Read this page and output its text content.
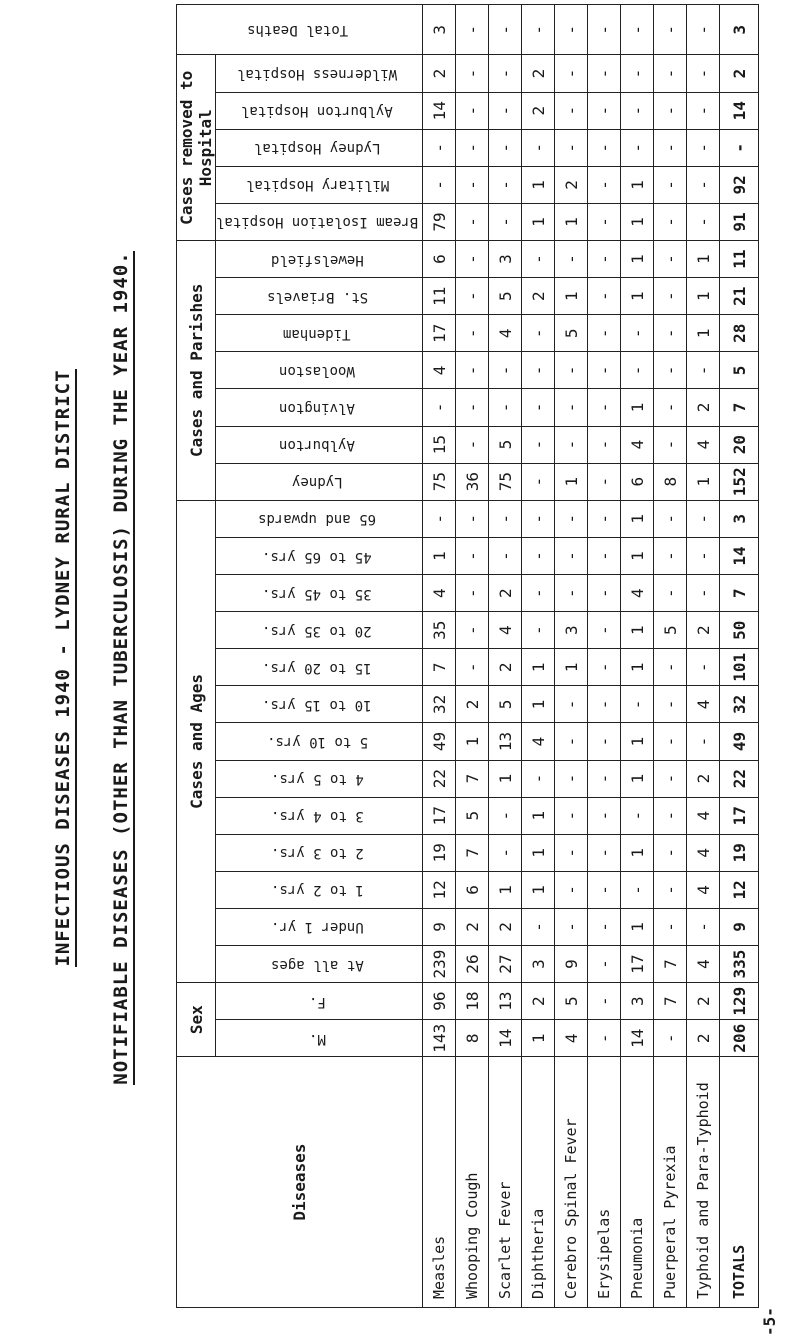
INFECTIOUS DISEASES 1940 - LYDNEY RURAL DISTRICT NOTIFIABLE DISEASES (OTHER THAN TUBERCULOSIS) DURING THE YEAR 1940.
Diseases	Sex		Cases and Ages													Cases and Parishes							Cases removed to Hospital					Total Deaths
	M.	F.	At all ages	Under 1 yr.	1 to 2 yrs.	2 to 3 yrs.	3 to 4 yrs.	4 to 5 yrs.	5 to 10 yrs.	10 to 15 yrs.	15 to 20 yrs.	20 to 35 yrs.	35 to 45 yrs.	45 to 65 yrs.	65 and upwards	Lydney	Aylburton	Alvington	Woolaston	Tidenham	St. Briavels	Hewelsfield	Bream Isolation Hospital	Military Hospital	Lydney Hospital	Aylburton Hospital	Wilderness Hospital	
Measles	143	96	239	9	12	19	17	22	49	32	7	35	4	1	-	75	15	-	4	17	11	6	79	-	-	14	2	3
Whooping Cough	8	18	26	2	6	7	5	7	1	2	-	-	-	-	-	36	-	-	-	-	-	-	-	-	-	-	-	-
Scarlet Fever	14	13	27	2	1	-	-	1	13	5	2	4	2	-	-	75	5	-	-	4	5	3	-	-	-	-	-	-
Diphtheria	1	2	3	-	1	1	1	-	4	1	1	-	-	-	-	-	-	-	-	-	2	-	1	1	-	2	2	-
Cerebro Spinal Fever	4	5	9	-	-	-	-	-	-	-	1	3	-	-	-	1	-	-	-	5	1	-	1	2	-	-	-	-
Erysipelas	-	-	-	-	-	-	-	-	-	-	-	-	-	-	-	-	-	-	-	-	-	-	-	-	-	-	-	-
Pneumonia	14	3	17	1	-	1	-	1	1	-	1	1	4	1	1	6	4	1	-	-	1	1	1	1	-	-	-	-
Puerperal Pyrexia	-	7	7	-	-	-	-	-	-	-	-	5	-	-	-	8	-	-	-	-	-	-	-	-	-	-	-	-
Typhoid and Para-Typhoid	2	2	4	-	4	4	4	2	-	4	-	2	-	-	-	1	4	2	-	1	1	1	-	-	-	-	-	-
TOTALS	206	129	335	9	12	19	17	22	49	32	101	50	7	14	3	152	20	7	5	28	21	11	91	92	-	14	2	3
-5-
